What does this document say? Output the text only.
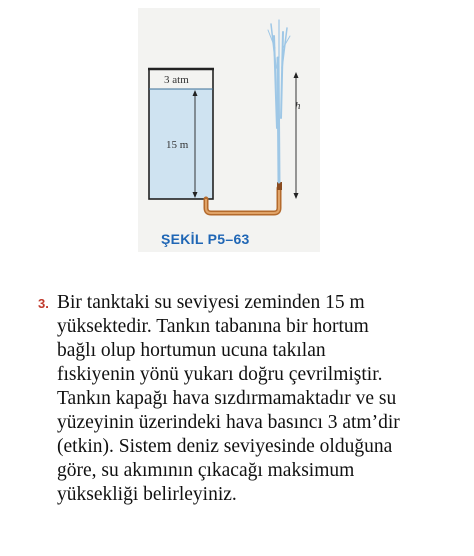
3 atm
15 m
h
ŞEKİL P5–63
3. Bir tanktaki su seviyesi zeminden 15 m
yüksektedir. Tankın tabanına bir hortum
bağlı olup hortumun ucuna takılan
fıskiyenin yönü yukarı doğru çevrilmiştir.
Tankın kapağı hava sızdırmamaktadır ve su
yüzeyinin üzerindeki hava basıncı 3 atm’dir
(etkin). Sistem deniz seviyesinde olduğuna
göre, su akımının çıkacağı maksimum
yüksekliği belirleyiniz.
